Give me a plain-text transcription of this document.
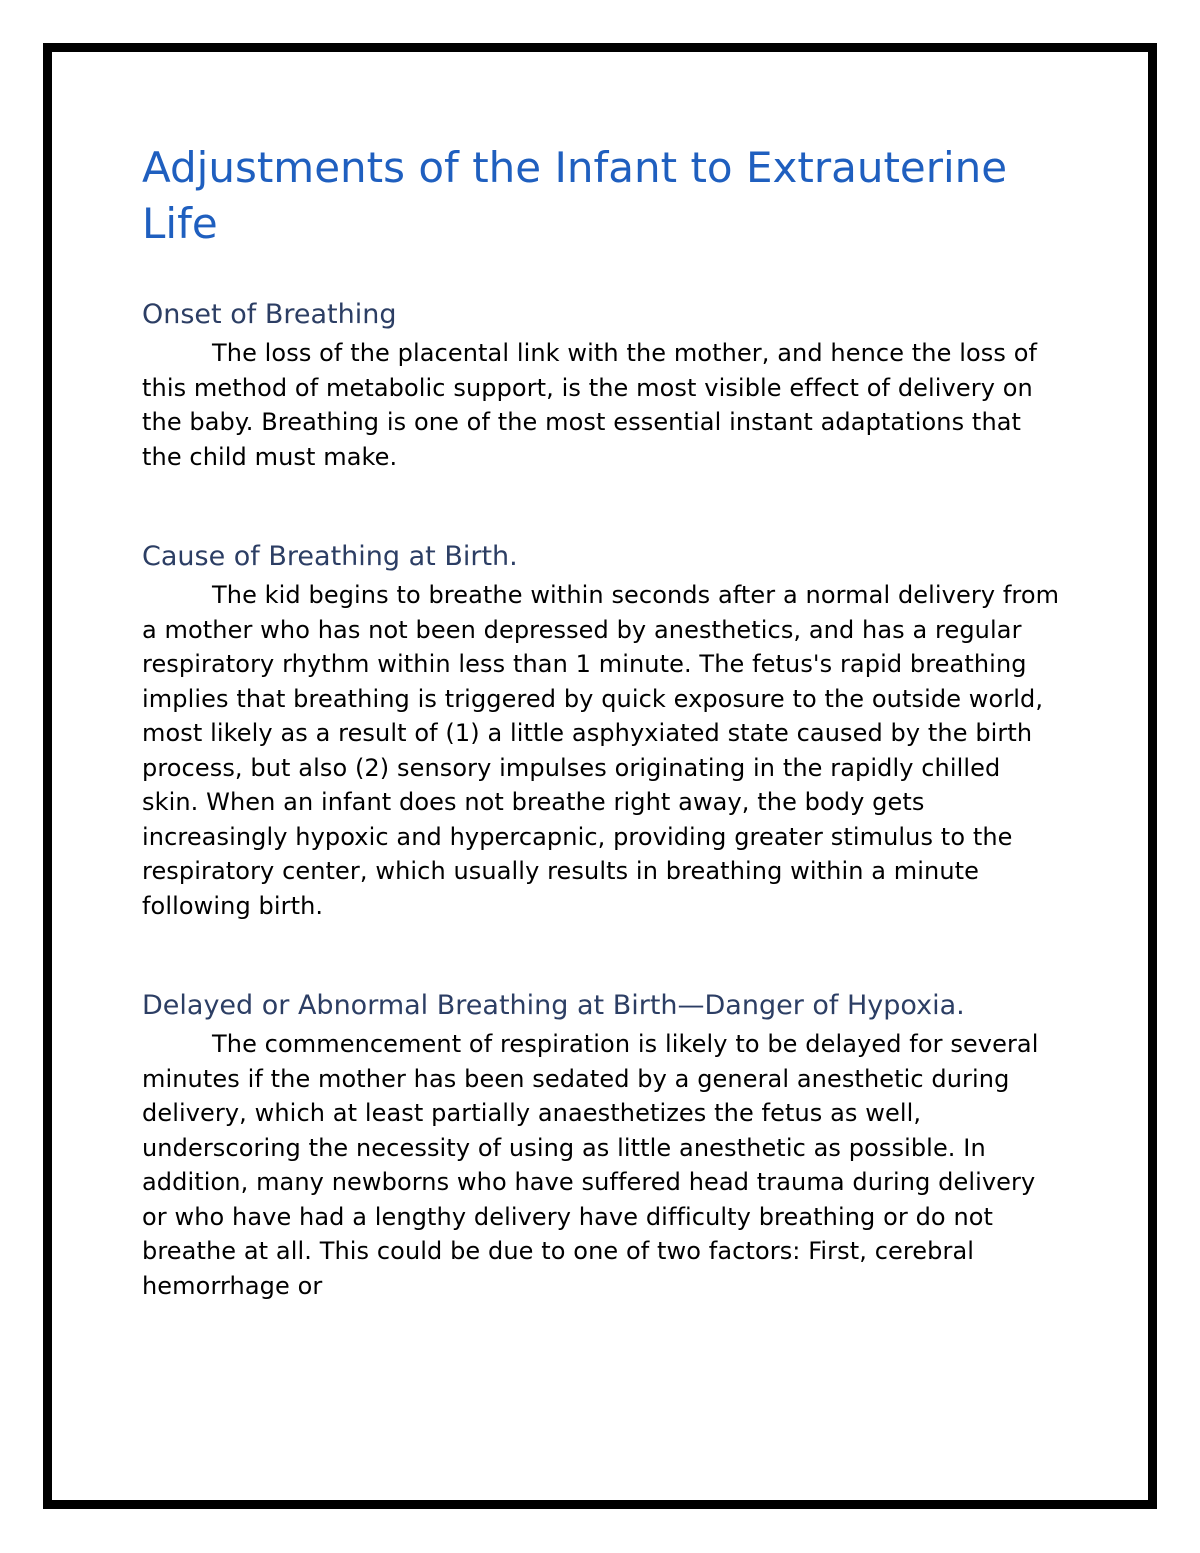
Adjustments of the Infant to Extrauterine Life
Onset of Breathing

The loss of the placental link with the mother, and hence the loss of this method of metabolic support, is the most visible effect of delivery on the baby. Breathing is one of the most essential instant adaptations that the child must make.

Cause of Breathing at Birth.

The kid begins to breathe within seconds after a normal delivery from a mother who has not been depressed by anesthetics, and has a regular respiratory rhythm within less than 1 minute. The fetus's rapid breathing implies that breathing is triggered by quick exposure to the outside world, most likely as a result of (1) a little asphyxiated state caused by the birth process, but also (2) sensory impulses originating in the rapidly chilled skin. When an infant does not breathe right away, the body gets increasingly hypoxic and hypercapnic, providing greater stimulus to the respiratory center, which usually results in breathing within a minute following birth.

Delayed or Abnormal Breathing at Birth—Danger of Hypoxia.

The commencement of respiration is likely to be delayed for several minutes if the mother has been sedated by a general anesthetic during delivery, which at least partially anaesthetizes the fetus as well, underscoring the necessity of using as little anesthetic as possible. In addition, many newborns who have suffered head trauma during delivery or who have had a lengthy delivery have difficulty breathing or do not breathe at all. This could be due to one of two factors: First, cerebral hemorrhage or
